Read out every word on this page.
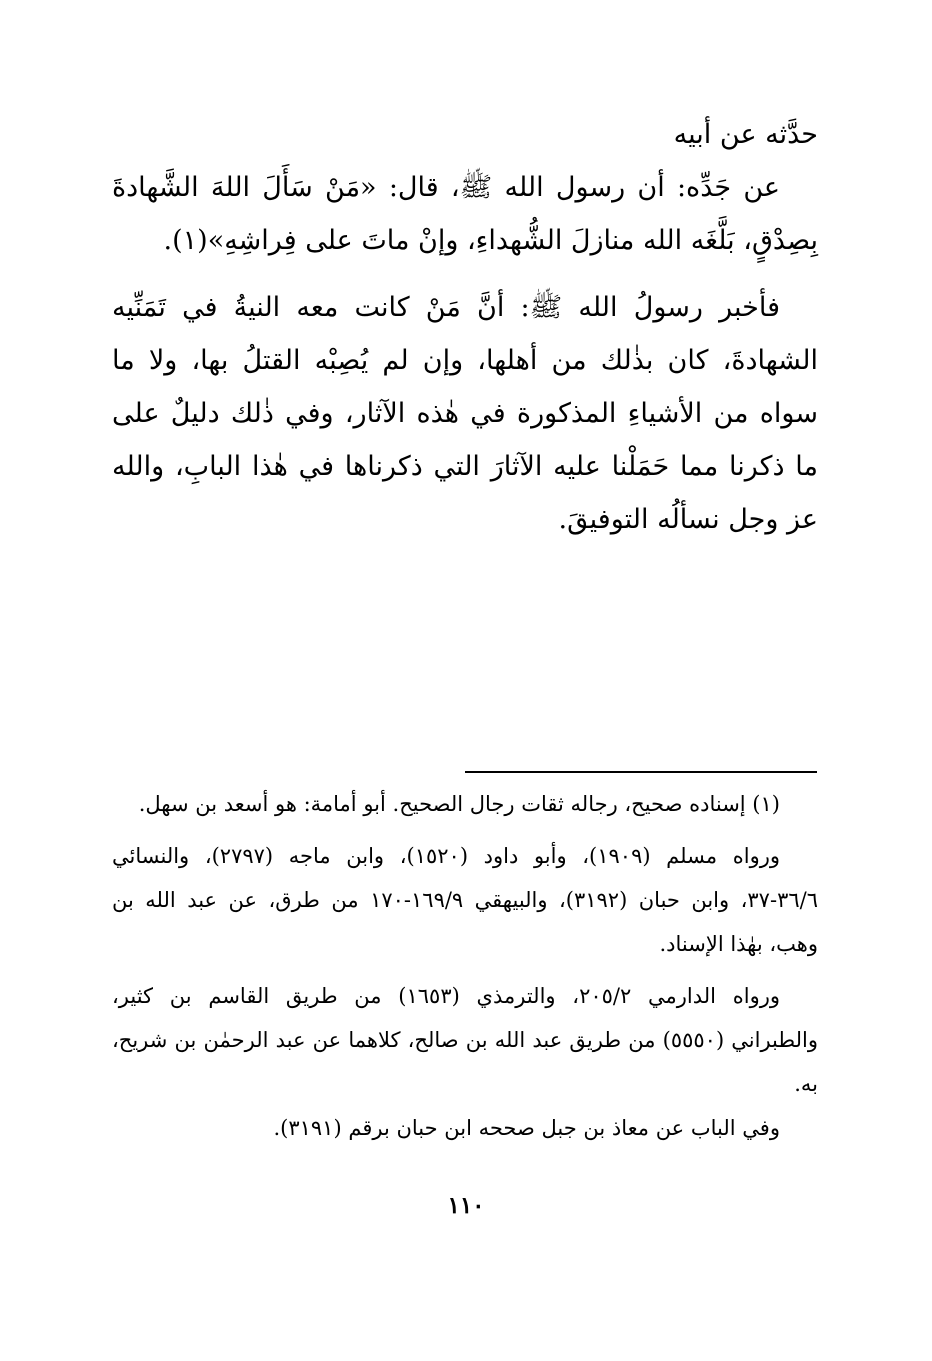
حدَّثه عن أبيه

عن جَدِّه: أن رسول الله ﷺ، قال: «مَنْ سَأَلَ اللهَ الشَّهادةَ بِصِدْقٍ، بَلَّغَه الله منازلَ الشُّهداءِ، وإنْ ماتَ على فِراشِهِ»(١).

فأخبر رسولُ الله ﷺ: أنَّ مَنْ كانت معه النيةُ في تَمَنِّيه الشهادةَ، كان بذٰلك من أهلها، وإن لم يُصِبْه القتلُ بها، ولا ما سواه من الأشياءِ المذكورة في هٰذه الآثار، وفي ذٰلك دليلٌ على ما ذكرنا مما حَمَلْنا عليه الآثارَ التي ذكرناها في هٰذا البابِ، والله عز وجل نسألُه التوفيقَ.

(١) إسناده صحيح، رجاله ثقات رجال الصحيح. أبو أمامة: هو أسعد بن سهل.

ورواه مسلم (١٩٠٩)، وأبو داود (١٥٢٠)، وابن ماجه (٢٧٩٧)، والنسائي ٣٦/٦-٣٧، وابن حبان (٣١٩٢)، والبيهقي ١٦٩/٩-١٧٠ من طرق، عن عبد الله بن وهب، بهٰذا الإسناد.

ورواه الدارمي ٢٠٥/٢، والترمذي (١٦٥٣) من طريق القاسم بن كثير، والطبراني (٥٥٥٠) من طريق عبد الله بن صالح، كلاهما عن عبد الرحمٰن بن شريح، به.

وفي الباب عن معاذ بن جبل صححه ابن حبان برقم (٣١٩١).

١١٠
